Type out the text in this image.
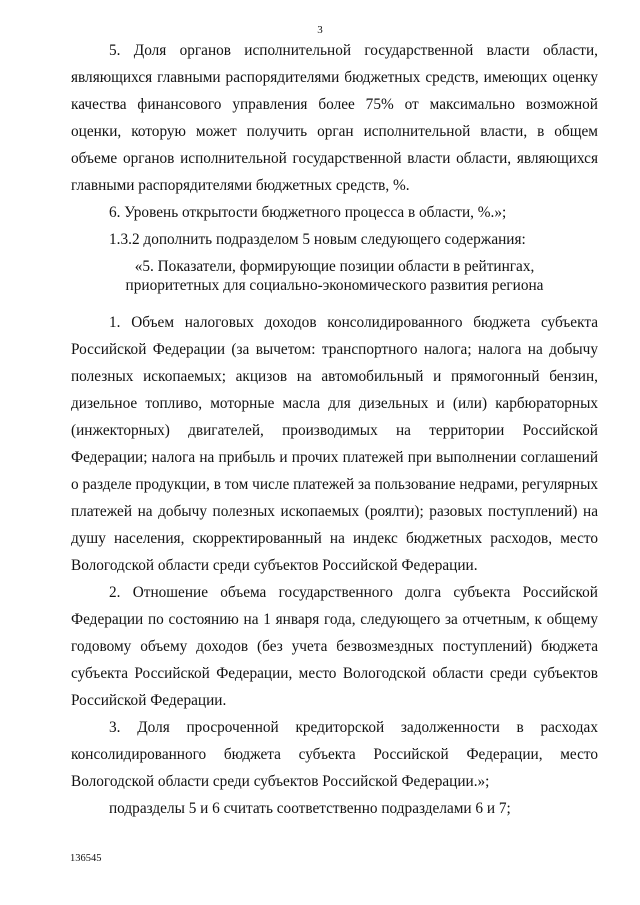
3

5. Доля органов исполнительной государственной власти области, являющихся главными распорядителями бюджетных средств, имеющих оценку качества финансового управления более 75% от максимально возможной оценки, которую может получить орган исполнительной власти, в общем объеме органов исполнительной государственной власти области, являющихся главными распорядителями бюджетных средств, %.

6. Уровень открытости бюджетного процесса в области, %.»;

1.3.2 дополнить подразделом 5 новым следующего содержания:

«5. Показатели, формирующие позиции области в рейтингах,
приоритетных для социально-экономического развития региона

1. Объем налоговых доходов консолидированного бюджета субъекта Российской Федерации (за вычетом: транспортного налога; налога на добычу полезных ископаемых; акцизов на автомобильный и прямогонный бензин, дизельное топливо, моторные масла для дизельных и (или) карбюраторных (инжекторных) двигателей, производимых на территории Российской Федерации; налога на прибыль и прочих платежей при выполнении соглашений о разделе продукции, в том числе платежей за пользование недрами, регулярных платежей на добычу полезных ископаемых (роялти); разовых поступлений) на душу населения, скорректированный на индекс бюджетных расходов, место Вологодской области среди субъектов Российской Федерации.

2. Отношение объема государственного долга субъекта Российской Федерации по состоянию на 1 января года, следующего за отчетным, к общему годовому объему доходов (без учета безвозмездных поступлений) бюджета субъекта Российской Федерации, место Вологодской области среди субъектов Российской Федерации.

3. Доля просроченной кредиторской задолженности в расходах консолидированного бюджета субъекта Российской Федерации, место Вологодской области среди субъектов Российской Федерации.»;

подразделы 5 и 6 считать соответственно подразделами 6 и 7;

136545
